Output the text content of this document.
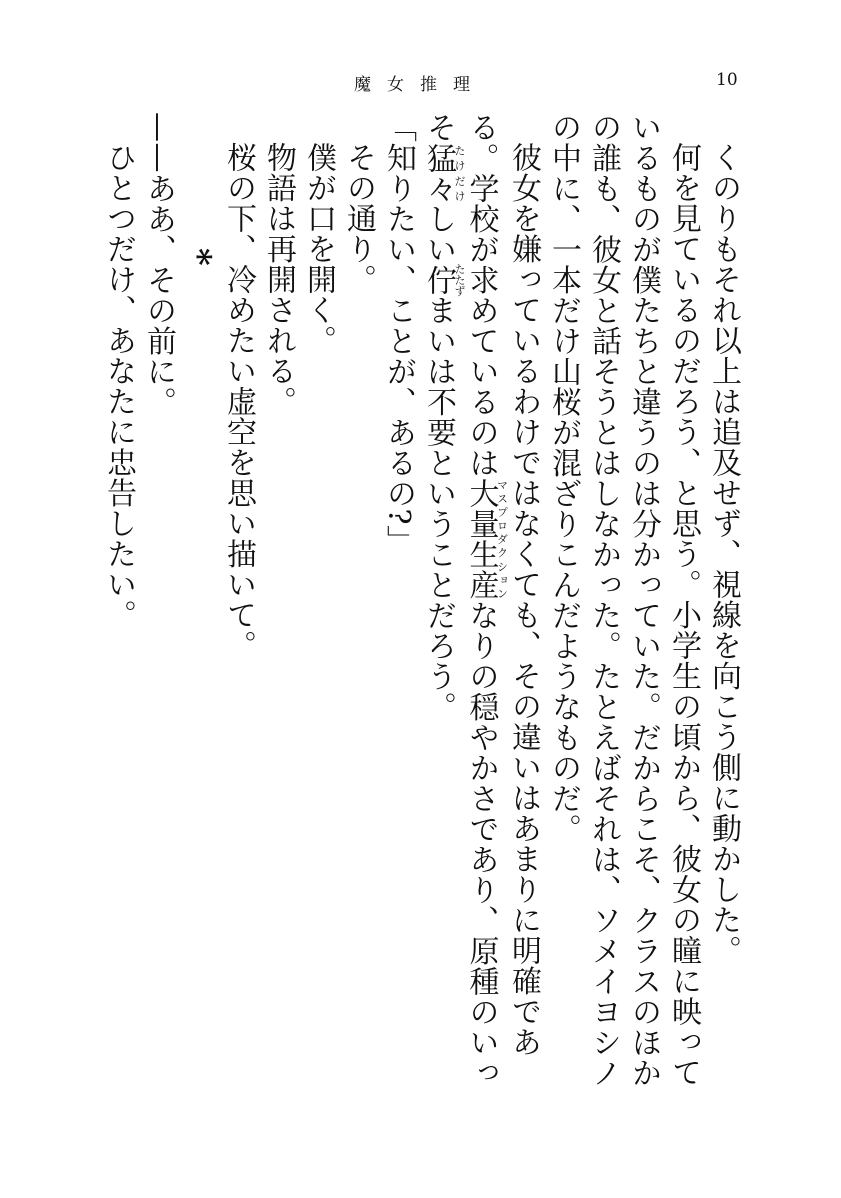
魔女推理	10

くのりもそれ以上は追及せず、視線を向こう側に動かした。

何を見ているのだろう、と思う。小学生の頃から、彼女の瞳に映っているものが僕たちと違うのは分かっていた。だからこそ、クラスのほかの誰も、彼女と話そうとはしなかった。たとえばそれは、ソメイヨシノの中に、一本だけ山桜が混ざりこんだようなものだ。

彼女を嫌っているわけではなくても、その違いはあまりに明確である。学校が求めているのは大量生産マスプロダクションなりの穏やかさであり、原種のいっそ猛々たけだけしい佇たたずまいは不要ということだろう。

「知りたい、ことが、あるの?」

その通り。

僕が口を開く。

物語は再開される。

桜の下、冷めたい虚空を思い描いて。

*

——ああ、その前に。

ひとつだけ、あなたに忠告したい。
